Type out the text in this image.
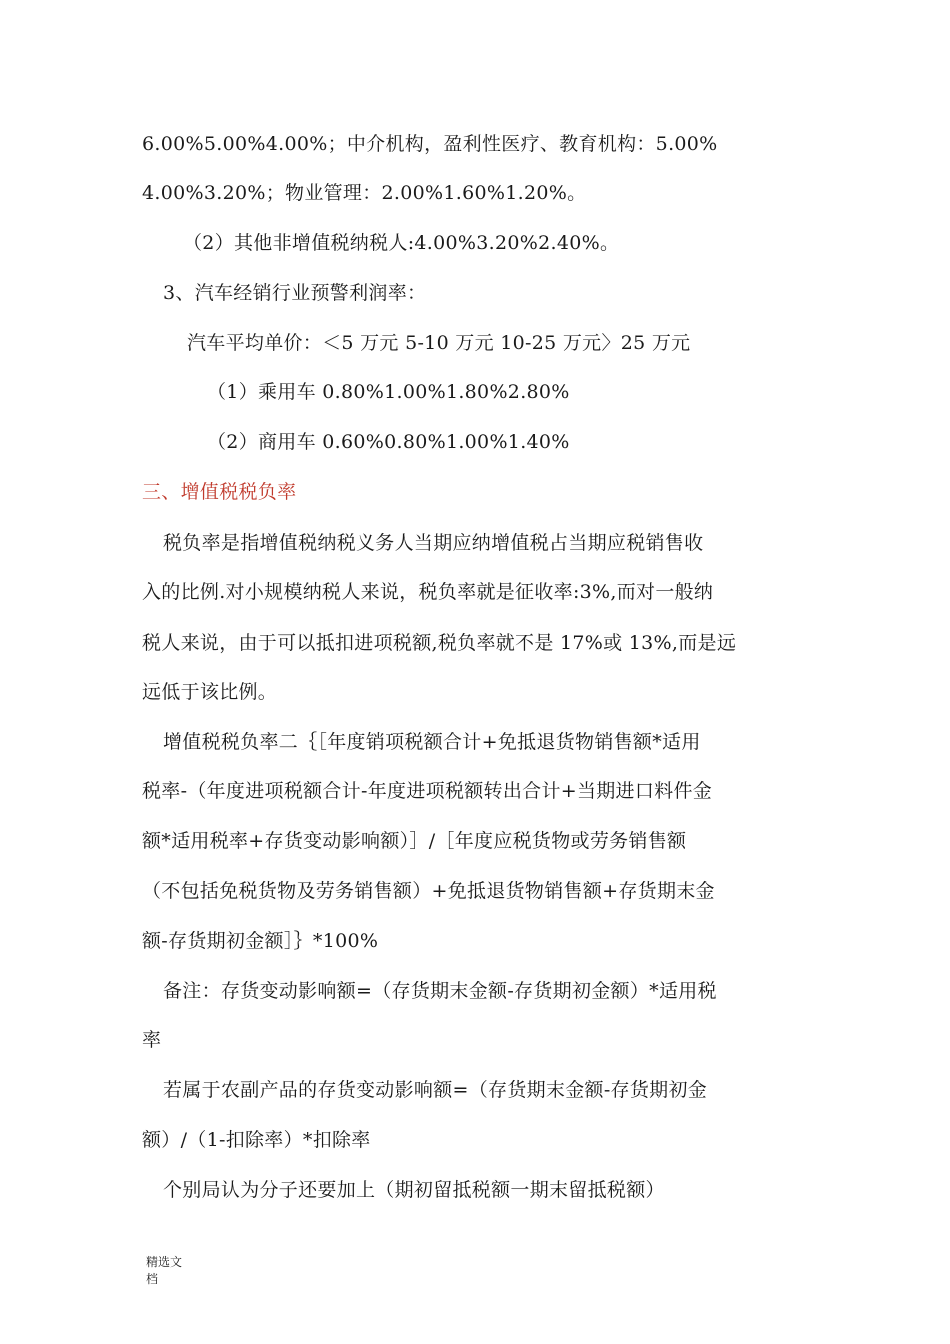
6.00%5.00%4.00%；中介机构，盈利性医疗、教育机构：5.00%
4.00%3.20%；物业管理：2.00%1.60%1.20%。
（2）其他非增值税纳税人:4.00%3.20%2.40%。
3、汽车经销行业预警利润率：
汽车平均单价：＜5 万元 5-10 万元 10-25 万元〉25 万元
（1）乘用车 0.80%1.00%1.80%2.80%
（2）商用车 0.60%0.80%1.00%1.40%
三、增值税税负率
税负率是指增值税纳税义务人当期应纳增值税占当期应税销售收
入的比例.对小规模纳税人来说，税负率就是征收率:3%,而对一般纳
税人来说，由于可以抵扣进项税额,税负率就不是 17%或 13%,而是远
远低于该比例。
增值税税负率二｛［年度销项税额合计+免抵退货物销售额*适用
税率-（年度进项税额合计-年度进项税额转出合计+当期进口料件金
额*适用税率+存货变动影响额）］/［年度应税货物或劳务销售额
（不包括免税货物及劳务销售额）+免抵退货物销售额+存货期末金
额-存货期初金额］｝*100%
备注：存货变动影响额=（存货期末金额-存货期初金额）*适用税
率
若属于农副产品的存货变动影响额=（存货期末金额-存货期初金
额）/（1-扣除率）*扣除率
个别局认为分子还要加上（期初留抵税额一期末留抵税额）
精选文
档
